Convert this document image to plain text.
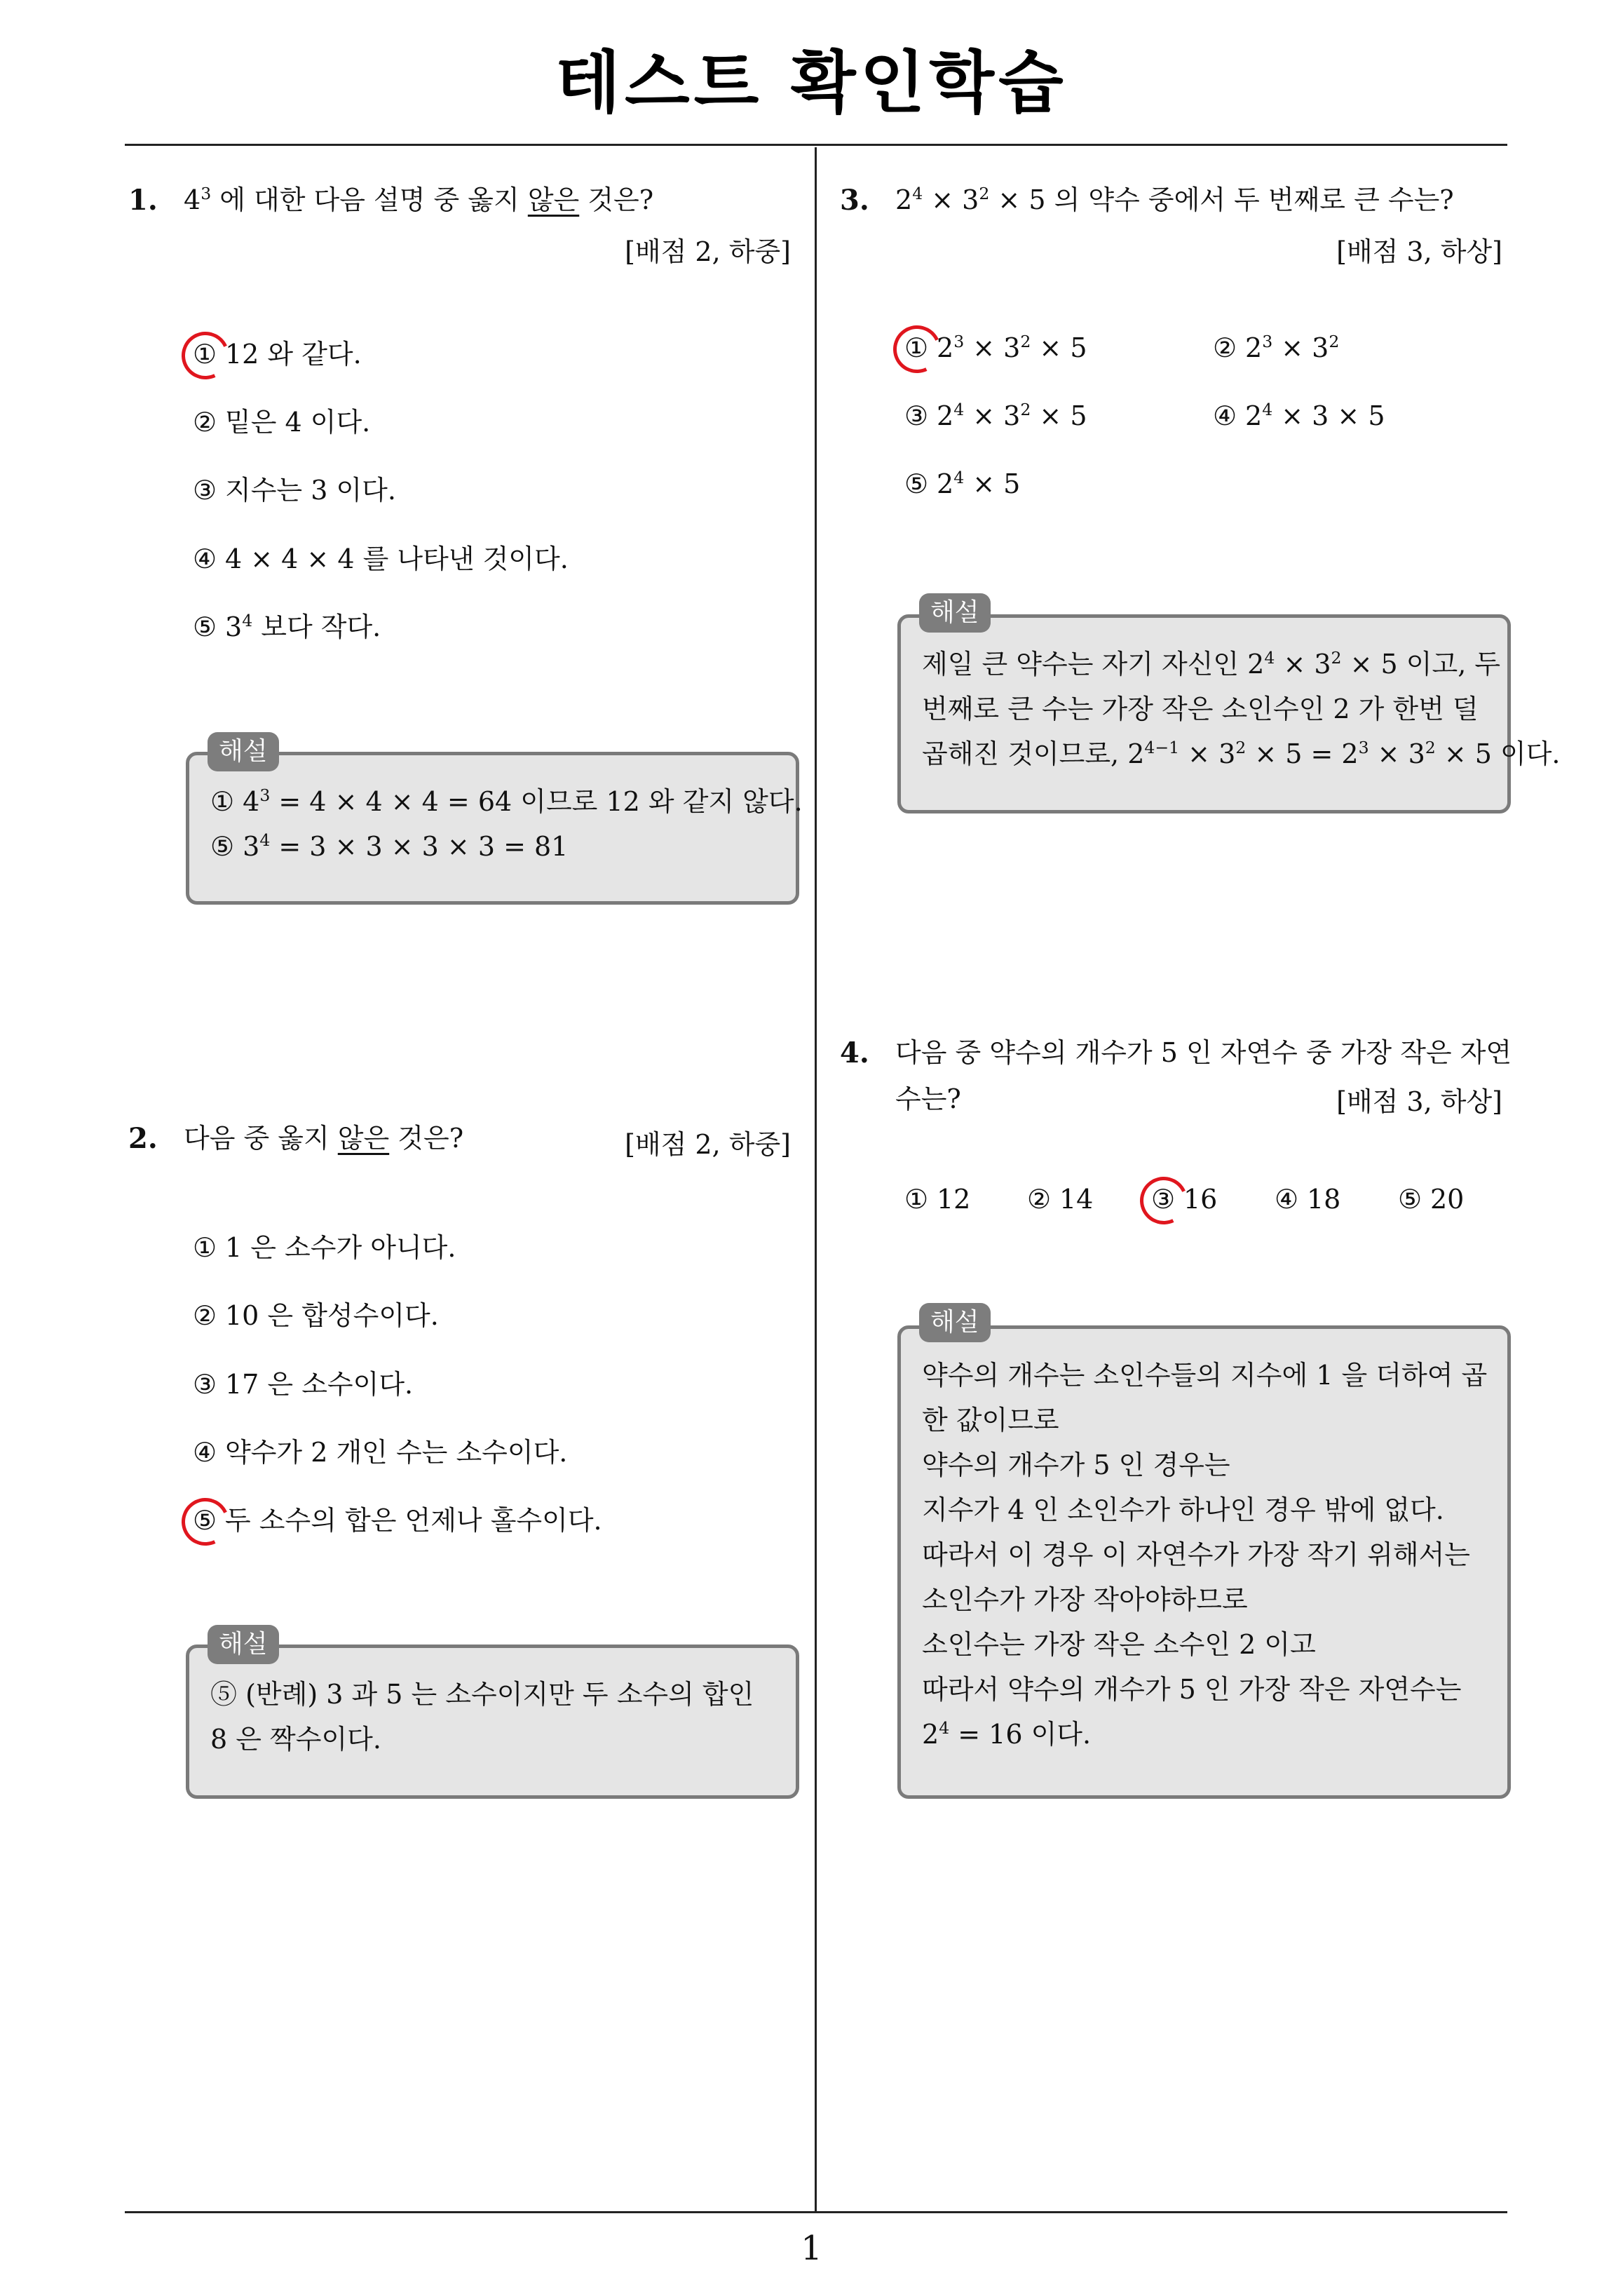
테스트 확인학습
1
1. $4^3$ 에 대한 다음 설명 중 옳지 않은 것은?
[배점 2, 하중]
① 12 와 같다.
② 밑은 4 이다.
③ 지수는 3 이다.
④ 4 × 4 × 4 를 나타낸 것이다.
⑤ $3^4$ 보다 작다.
① $4^3 = 4 \times 4 \times 4 = 64$ 이므로 12 와 같지 않다.
⑤ $3^4 = 3 \times 3 \times 3 \times 3 = 81$
해설
2. 다음 중 옳지 않은 것은?	[배점 2, 하중]
① 1 은 소수가 아니다.
② 10 은 합성수이다.
③ 17 은 소수이다.
④ 약수가 2 개인 수는 소수이다.
⑤ 두 소수의 합은 언제나 홀수이다.
⑤ (반례) 3 과 5 는 소수이지만 두 소수의 합인 8 은 짝수이다.
해설
3. $2^4 \times 3^2 \times 5$ 의 약수 중에서 두 번째로 큰 수는?
[배점 3, 하상]
① $2^3 \times 3^2 \times 5$	② $2^3 \times 3^2$
③ $2^4 \times 3^2 \times 5$	④ $2^4 \times 3 \times 5$
⑤ $2^4 \times 5$
제일 큰 약수는 자기 자신인 $2^4 \times 3^2 \times 5$ 이고, 두
번째로 큰 수는 가장 작은 소인수인 2 가 한번 덜
곱해진 것이므로, $2^{4-1} \times 3^2 \times 5 = 2^3 \times 3^2 \times 5$ 이다.
해설
4. 다음 중 약수의 개수가 5 인 자연수 중 가장 작은 자연
수는?	[배점 3, 하상]
① 12 ② 14 ③ 16 ④ 18 ⑤ 20
약수의 개수는 소인수들의 지수에 1 을 더하여 곱
한 값이므로
약수의 개수가 5 인 경우는
지수가 4 인 소인수가 하나인 경우 밖에 없다.
따라서 이 경우 이 자연수가 가장 작기 위해서는
소인수가 가장 작아야하므로
소인수는 가장 작은 소수인 2 이고
따라서 약수의 개수가 5 인 가장 작은 자연수는
$2^4 = 16$ 이다.
해설
